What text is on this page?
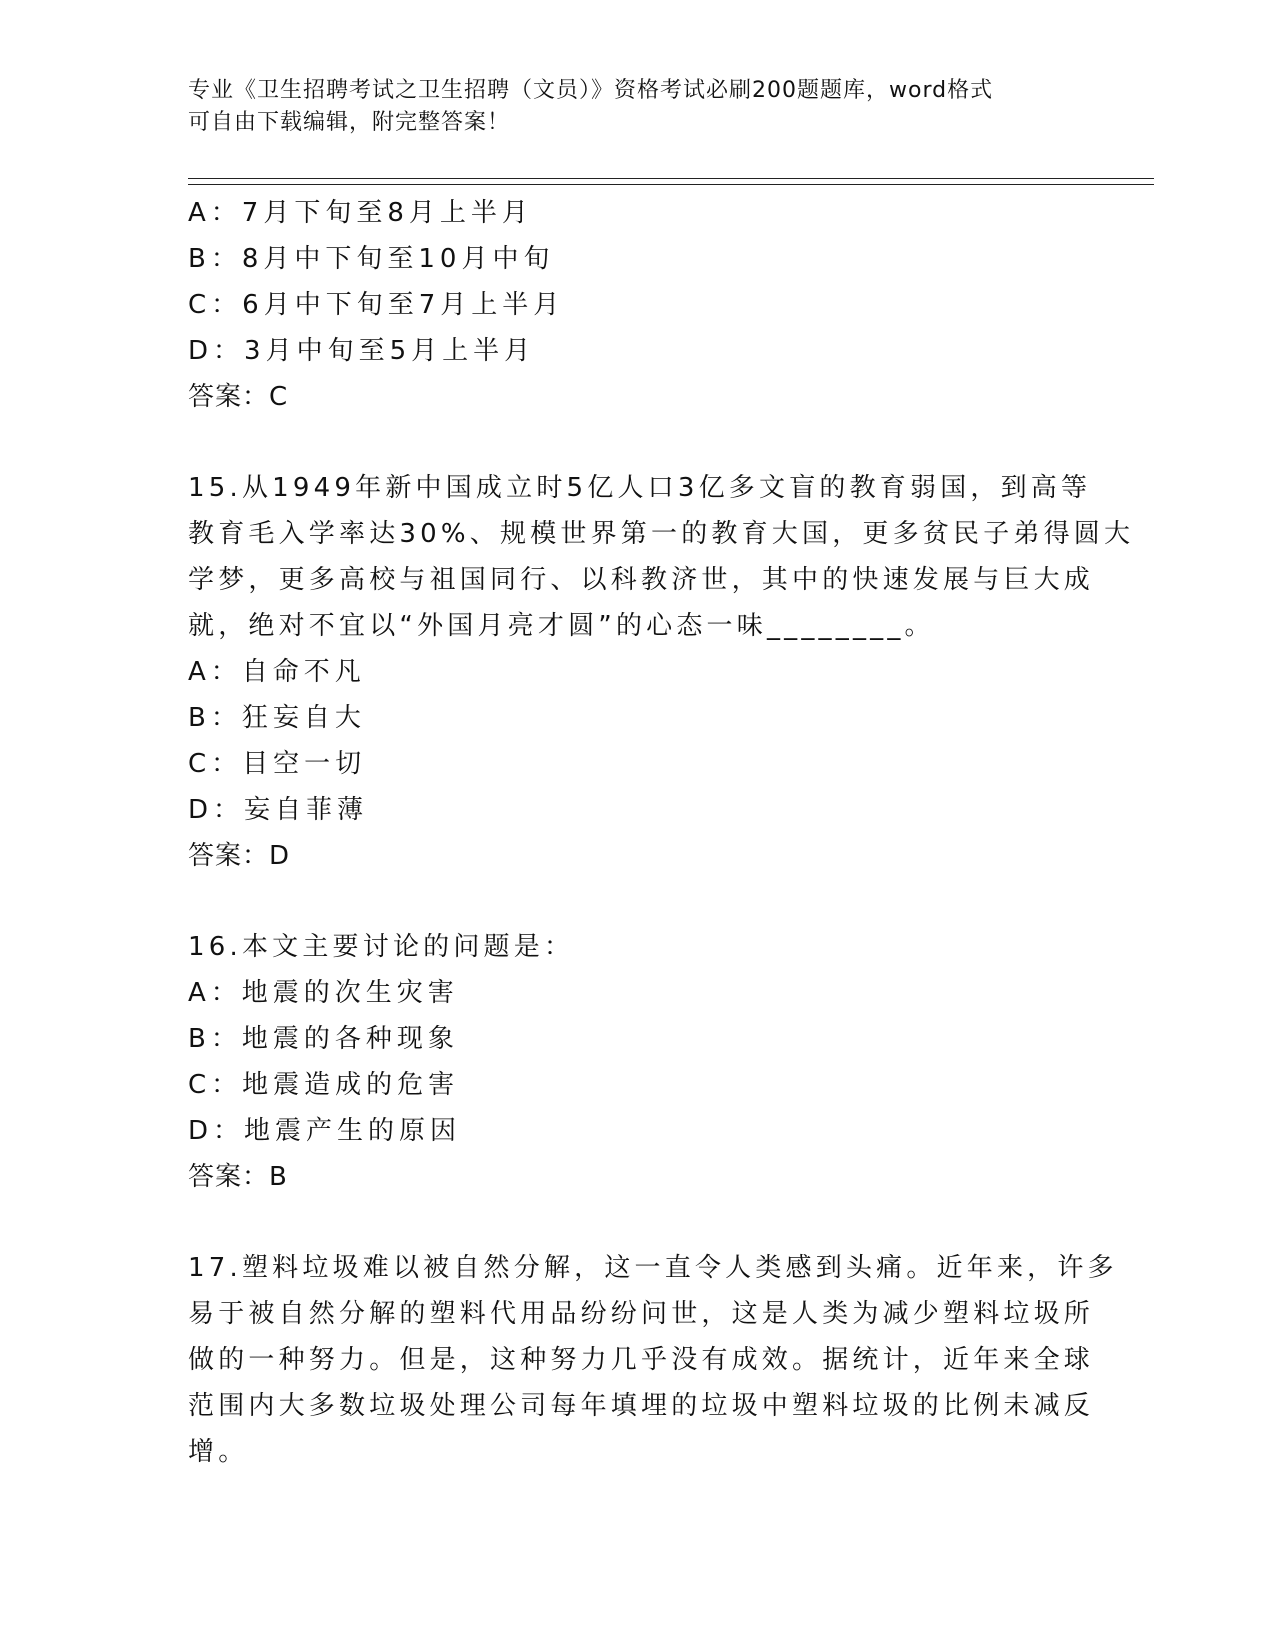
专业《卫生招聘考试之卫生招聘（文员）》资格考试必刷200题题库，word格式
可自由下载编辑，附完整答案！
A：7月下旬至8月上半月
B：8月中下旬至10月中旬
C：6月中下旬至7月上半月
D：3月中旬至5月上半月
答案：C
15.从1949年新中国成立时5亿人口3亿多文盲的教育弱国，到高等
教育毛入学率达30%、规模世界第一的教育大国，更多贫民子弟得圆大
学梦，更多高校与祖国同行、以科教济世，其中的快速发展与巨大成
就，绝对不宜以“外国月亮才圆”的心态一味________。
A：自命不凡
B：狂妄自大
C：目空一切
D：妄自菲薄
答案：D
16.本文主要讨论的问题是：
A：地震的次生灾害
B：地震的各种现象
C：地震造成的危害
D：地震产生的原因
答案：B
17.塑料垃圾难以被自然分解，这一直令人类感到头痛。近年来，许多
易于被自然分解的塑料代用品纷纷问世，这是人类为减少塑料垃圾所
做的一种努力。但是，这种努力几乎没有成效。据统计，近年来全球
范围内大多数垃圾处理公司每年填埋的垃圾中塑料垃圾的比例未减反
增。
